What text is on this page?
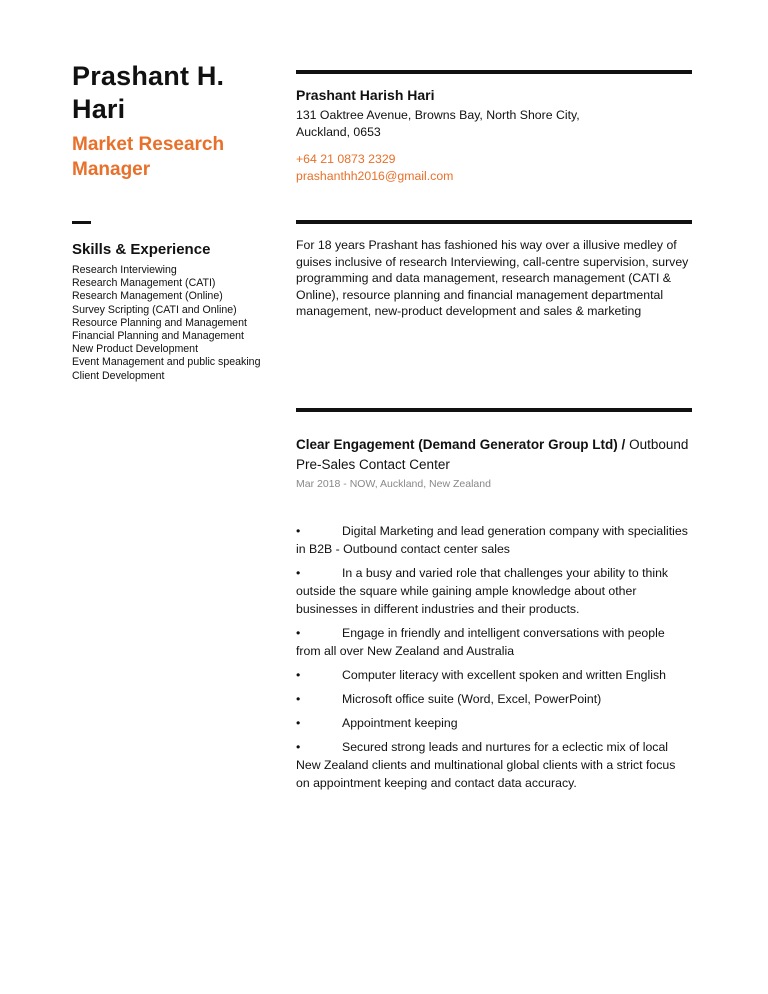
Prashant H. Hari
Market Research Manager
Skills & Experience
Research Interviewing
Research Management (CATI)
Research Management (Online)
Survey Scripting (CATI and Online)
Resource Planning and Management
Financial Planning and Management
New Product Development
Event Management and public speaking
Client Development
Prashant Harish Hari
131 Oaktree Avenue, Browns Bay, North Shore City,
Auckland, 0653
+64 21 0873 2329
prashanthh2016@gmail.com
For 18 years Prashant has fashioned his way over a illusive medley of guises inclusive of research Interviewing, call-centre supervision, survey programming and data management, research management (CATI & Online), resource planning and financial management departmental management, new-product development and sales & marketing
Clear Engagement (Demand Generator Group Ltd) / Outbound Pre-Sales Contact Center
Mar 2018 - NOW, Auckland, New Zealand
•	Digital Marketing and lead generation company with specialities in B2B - Outbound contact center sales
•	In a busy and varied role that challenges your ability to think outside the square while gaining ample knowledge about other businesses in different industries and their products.
•	Engage in friendly and intelligent conversations with people from all over New Zealand and Australia
•	Computer literacy with excellent spoken and written English
•	Microsoft office suite (Word, Excel, PowerPoint)
•	Appointment keeping
•	Secured strong leads and nurtures for a eclectic mix of local New Zealand clients and multinational global clients with a strict focus on appointment keeping and contact data accuracy.
